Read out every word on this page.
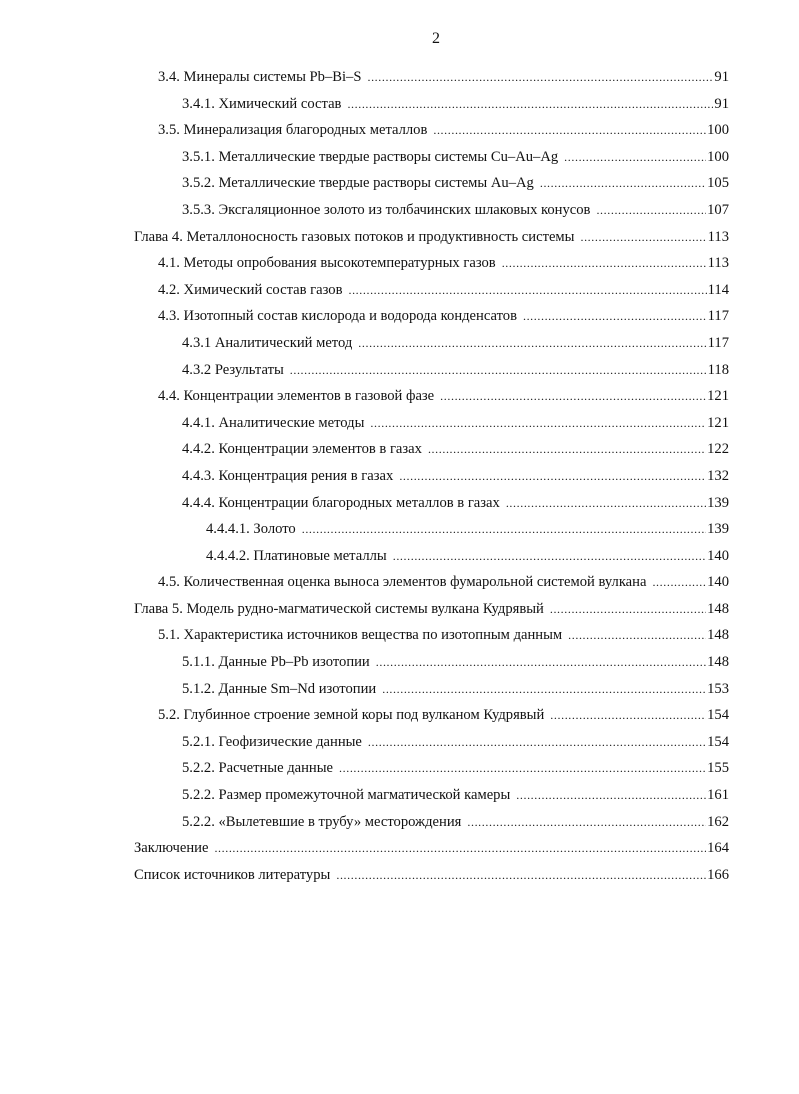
2
3.4. Минералы системы Pb–Bi–S .....	91
3.4.1. Химический состав .....	91
3.5. Минерализация благородных металлов .....	100
3.5.1. Металлические твердые растворы системы Cu–Au–Ag .....	100
3.5.2. Металлические твердые растворы системы Au–Ag .....	105
3.5.3. Эксгаляционное золото из толбачинских шлаковых конусов .....	107
Глава 4. Металлоносность газовых потоков и продуктивность системы .....	113
4.1. Методы опробования высокотемпературных газов .....	113
4.2. Химический состав газов .....	114
4.3. Изотопный состав кислорода и водорода конденсатов .....	117
4.3.1 Аналитический метод .....	117
4.3.2 Результаты .....	118
4.4. Концентрации элементов в газовой фазе .....	121
4.4.1. Аналитические методы .....	121
4.4.2. Концентрации элементов в газах .....	122
4.4.3. Концентрация рения в газах .....	132
4.4.4. Концентрации благородных металлов в газах .....	139
4.4.4.1. Золото .....	139
4.4.4.2. Платиновые металлы .....	140
4.5. Количественная оценка выноса элементов фумарольной системой вулкана .....	140
Глава 5. Модель рудно-магматической системы вулкана Кудрявый .....	148
5.1. Характеристика источников вещества по изотопным данным .....	148
5.1.1. Данные Pb–Pb изотопии .....	148
5.1.2. Данные Sm–Nd изотопии .....	153
5.2. Глубинное строение земной коры под вулканом Кудрявый .....	154
5.2.1. Геофизические данные .....	154
5.2.2. Расчетные данные .....	155
5.2.2. Размер промежуточной магматической камеры .....	161
5.2.2. «Вылетевшие в трубу» месторождения .....	162
Заключение .....	164
Список источников литературы .....	166
